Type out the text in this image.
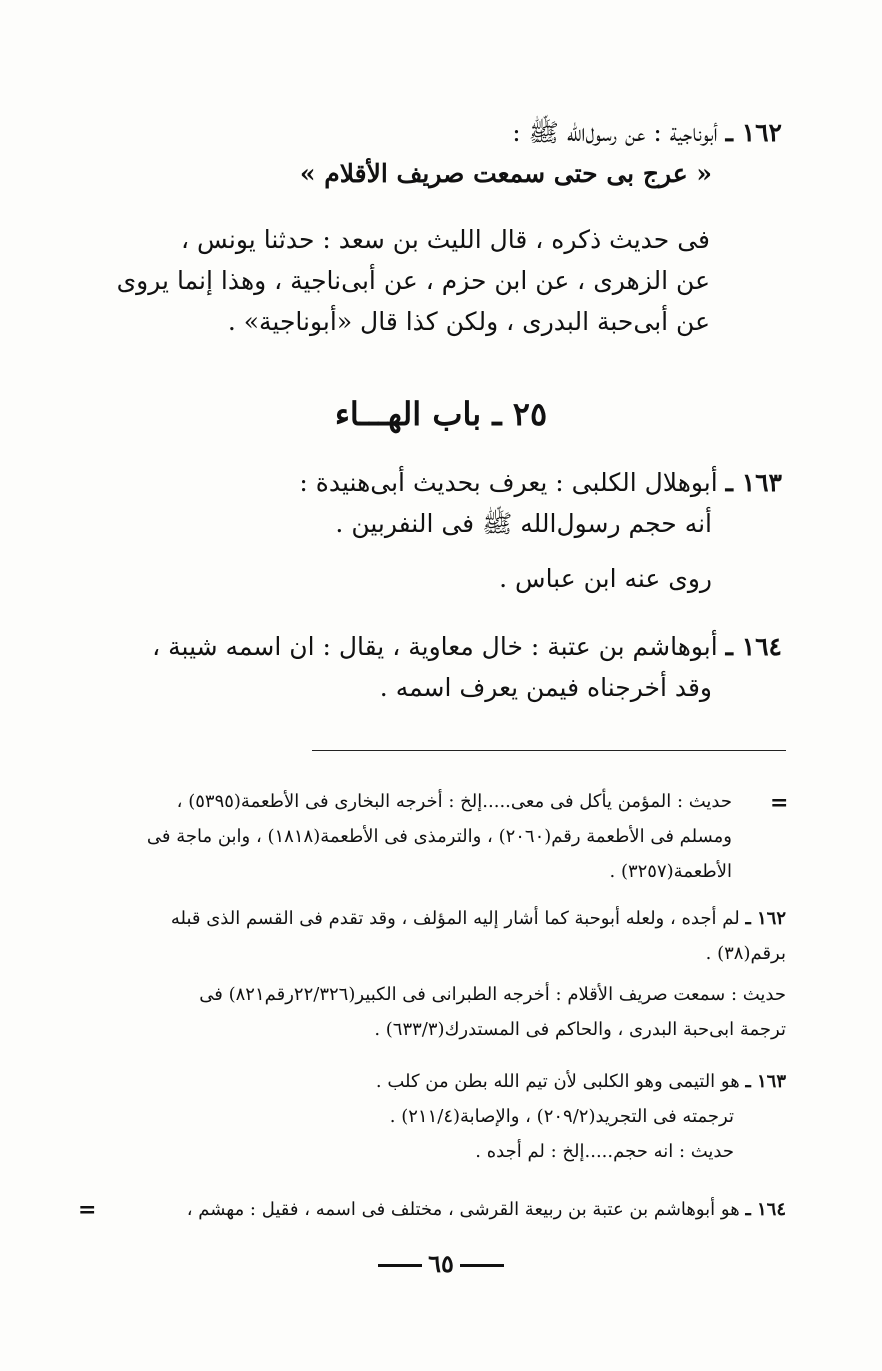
١٦٢ ـ أبوناجية : عن رسول‌الله ﷺ :
« عرج بى حتى سمعت صريف الأقلام »
فى حديث ذكره ، قال الليث بن سعد : حدثنا يونس ،
عن الزهرى ، عن ابن حزم ، عن أبى‌ناجية ، وهذا إنما يروى
عن أبى‌حبة البدرى ، ولكن كذا قال «أبوناجية» .
٢٥ ـ باب الهـــاء
١٦٣ ـ أبوهلال الكلبى : يعرف بحديث أبى‌هنيدة :
أنه حجم رسول‌الله ﷺ فى النفربين .
روى عنه ابن عباس .
١٦٤ ـ أبوهاشم بن عتبة : خال معاوية ، يقال : ان اسمه شيبة ،
وقد أخرجناه فيمن يعرف اسمه .
=
حديث : المؤمن يأكل فى معى.....إلخ : أخرجه البخارى فى الأطعمة(٥٣٩٥) ،
ومسلم فى الأطعمة رقم(٢٠٦٠) ، والترمذى فى الأطعمة(١٨١٨) ، وابن ماجة فى
الأطعمة(٣٢٥٧) .
١٦٢ ـ لم أجده ، ولعله أبوحبة كما أشار إليه المؤلف ، وقد تقدم فى القسم الذى قبله
برقم(٣٨) .
حديث : سمعت صريف الأقلام : أخرجه الطبرانى فى الكبير(٢٢/٣٢٦رقم٨٢١) فى
ترجمة ابى‌حبة البدرى ، والحاكم فى المستدرك(٦٣٣/٣) .
١٦٣ ـ هو التيمى وهو الكلبى لأن تيم الله بطن من كلب .
ترجمته فى التجريد(٢٠٩/٢) ، والإصابة(٢١١/٤) .
حديث : انه حجم.....إلخ : لم أجده .
١٦٤ ـ هو أبوهاشم بن عتبة بن ربيعة القرشى ، مختلف فى اسمه ، فقيل : مهشم ،
=
٦٥
